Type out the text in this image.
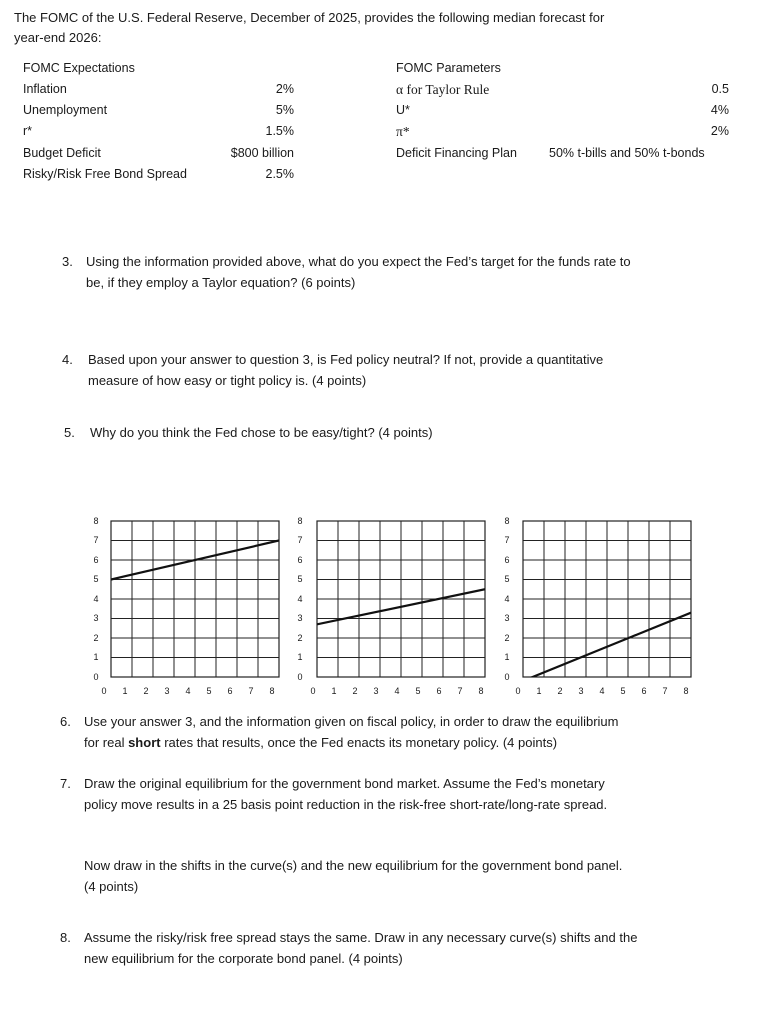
The FOMC of the U.S. Federal Reserve, December of 2025, provides the following median forecast for
year-end 2026:
FOMC Expectations
Inflation	2%
Unemployment	5%
r*	1.5%
Budget Deficit	$800 billion
Risky/Risk Free Bond Spread	2.5%
FOMC Parameters
α for Taylor Rule	0.5
U*	4%
π*	2%
Deficit Financing Plan	50% t-bills and 50% t-bonds
3. Using the information provided above, what do you expect the Fed’s target for the funds rate to
be, if they employ a Taylor equation? (6 points)
4. Based upon your answer to question 3, is Fed policy neutral? If not, provide a quantitative
measure of how easy or tight policy is. (4 points)
5. Why do you think the Fed chose to be easy/tight? (4 points)
8
7
6
5
4
3
2
1
0
0	1	2	3	4	5	6	7	8
8
7
6
5
4
3
2
1
0
0	1	2	3	4	5	6	7	8
8
7
6
5
4
3
2
1
0
0	1	2	3	4	5	6	7	8
6. Use your answer 3, and the information given on fiscal policy, in order to draw the equilibrium
for real short rates that results, once the Fed enacts its monetary policy. (4 points)
7. Draw the original equilibrium for the government bond market. Assume the Fed’s monetary
policy move results in a 25 basis point reduction in the risk-free short-rate/long-rate spread.
Now draw in the shifts in the curve(s) and the new equilibrium for the government bond panel.
(4 points)
8. Assume the risky/risk free spread stays the same. Draw in any necessary curve(s) shifts and the
new equilibrium for the corporate bond panel. (4 points)
